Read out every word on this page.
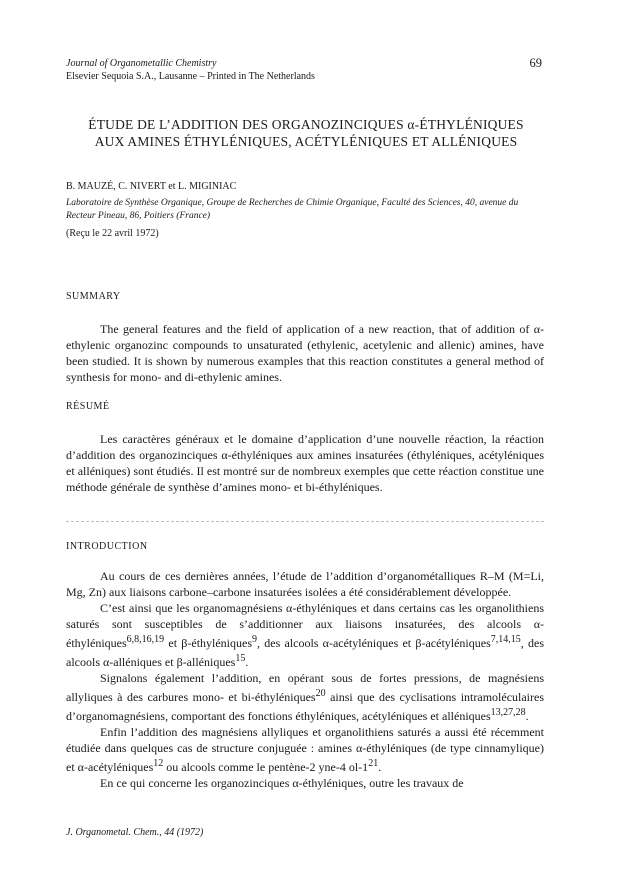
Journal of Organometallic Chemistry
Elsevier Sequoia S.A., Lausanne – Printed in The Netherlands
69
ÉTUDE DE L’ADDITION DES ORGANOZINCIQUES α-ÉTHYLÉNIQUES
AUX AMINES ÉTHYLÉNIQUES, ACÉTYLÉNIQUES ET ALLÉNIQUES
B. MAUZÉ, C. NIVERT et L. MIGINIAC
Laboratoire de Synthèse Organique, Groupe de Recherches de Chimie Organique, Faculté des Sciences, 40, avenue du Recteur Pineau, 86, Poitiers (France)
(Reçu le 22 avril 1972)
SUMMARY

The general features and the field of application of a new reaction, that of addition of α-ethylenic organozinc compounds to unsaturated (ethylenic, acetylenic and allenic) amines, have been studied. It is shown by numerous examples that this reaction constitutes a general method of synthesis for mono- and di-ethylenic amines.

RÉSUMÉ

Les caractères généraux et le domaine d’application d’une nouvelle réaction, la réaction d’addition des organozinciques α-éthyléniques aux amines insaturées (éthyléniques, acétyléniques et alléniques) sont étudiés. Il est montré sur de nombreux exemples que cette réaction constitue une méthode générale de synthèse d’amines mono- et bi-éthyléniques.

INTRODUCTION

Au cours de ces dernières années, l’étude de l’addition d’organométalliques R–M (M=Li, Mg, Zn) aux liaisons carbone–carbone insaturées isolées a été considérablement développée.

C’est ainsi que les organomagnésiens α-éthyléniques et dans certains cas les organolithiens saturés sont susceptibles de s’additionner aux liaisons insaturées, des alcools α-éthyléniques$^{6,8,16,19}$ et β-éthyléniques$^9$, des alcools α-acétyléniques et β-acétyléniques$^{7,14,15}$, des alcools α-alléniques et β-alléniques$^{15}$.

Signalons également l’addition, en opérant sous de fortes pressions, de magnésiens allyliques à des carbures mono- et bi-éthyléniques$^{20}$ ainsi que des cyclisations intramoléculaires d’organomagnésiens, comportant des fonctions éthyléniques, acétyléniques et alléniques$^{13,27,28}$.

Enfin l’addition des magnésiens allyliques et organolithiens saturés a aussi été récemment étudiée dans quelques cas de structure conjuguée : amines α-éthyléniques (de type cinnamylique) et α-acétyléniques$^{12}$ ou alcools comme le pentène-2 yne-4 $ol-1^{21}$.

En ce qui concerne les organozinciques α-éthyléniques, outre les travaux de

J. Organometal. Chem., 44 (1972)
